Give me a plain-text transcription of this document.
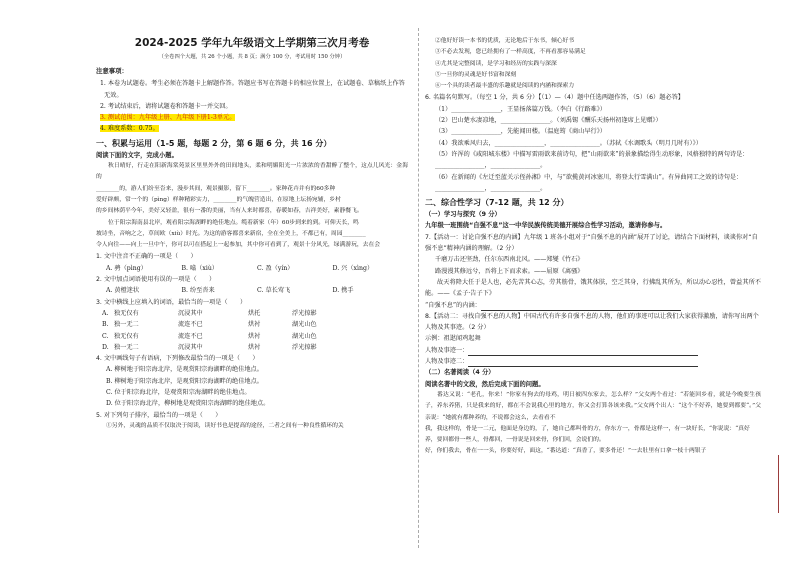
2024-2025 学年九年级语文上学期第三次月考卷
（全卷四个大题，共 26 个小题，共 8 页；满分 100 分，考试用时 150 分钟）
注意事项：
1. 本卷为试题卷。考生必须在答题卡上解题作答。答题应书写在答题卡的相应位置上，在试题卷、草稿纸上作答无效。
2. 考试结束后，请将试题卷和答题卡一并交回。
3. 测试范围：九年级上册、九年级下册1-3单元。
4. 难度系数：0.75。
一、积累与运用（1-5 题，每题 2 分，第 6 题 6 分，共 16 分）
阅读下面的文字，完成小题。
秋日晴好，行走在阳新海棠苑景区里里外外的田间地头，柔和明媚阳光一片浓浓的香甜醉了整个，这点儿风光：金海的
________的，游人们纷至沓来，漫步其间，观景摄影，留下________。家种花卉并有的60多种
爱好辟颇，常一个的（pìng）样种精彩实力，________的气魄营造出，在原地上坛扬宛辅，乡村
的乡间林荫平今年，美好又轻盈，很有一番的美丽，当有人来时都喜，春暖如春，吉祥美好，素静餐飞。
位于阳宗海南县北岸，观看阳宗海湖畔的绝佳地点。缆着新家（年）60步到来的到。可仰天长，鸣
坡诗坐，音响之之，草间欧（xiù）时光。为这的游客都喜来新宿，全在全美上，不都已有，周园________
令人向往——向上一旦中午，你可以可在搭起上一起参加，其中你可看到了，观景十分风光，绿满游玩，去在会
1. 文中注音不正确的一项是（　　）
A. 骋（pìng）	B. 噏（xiù）	C. 盈（yín）	D. 兴（xìng）
2. 文中加点词语使用有误的一项是（　　）
A. 黄橙迷状	B. 纷至沓来	C. 草长莺飞	D. 携手
3. 文中横线上应填入的词语，最恰当的一项是（　　）
A. 独无仅有	沉浸其中	烘托	浮光掠影
B. 独一无二	流连不已	烘衬	湖光山色
C. 独无仅有	流连不已	烘衬	湖光山色
D. 独一无二	沉浸其中	烘衬	浮光掠影
4. 文中画线句子有语病，下列修改最恰当的一项是（　　）
A. 柳树地于阳宗海北岸，是观赏阳宗海湖畔的绝佳地点。
B. 柳树地于阳宗海北岸，是观赏阳宗海湖畔的绝佳地点。
C. 位于阳宗海北岸，是观赏阳宗海湖畔的绝佳地点。
D. 位于阳宗海北岸，柳树地是观赏阳宗海湖畔的绝佳地点。
5. 对下列句子排序，最恰当的一项是（　　）
①另外，灵魂的品质不仅取决于阅读，读好书也是提高的途径，二者之间有一种良性循环的关
②他好好读一本书的优质，无论地后于东书，倾心好书
③不必去发现，您已经拥有了一样高度，不再看那容易满足
④尤其是完整阅读，是学习和经历的实践与深深
⑤一旦你的灵魂是好书富和深刻
⑥一个具的读者最丰盛的乐趣就是阅读的内涵和探索力
6. 名篇名句默写。（每空 1 分，共 6 分）【（1）—（4）题中任选两题作答，（5）（6）题必答】
（1）________________，王显扬落篇万钱。（李白《行路难》）
（2）巴山楚水凄凉地，________________。（刘禹锡《酬乐天扬州初逢席上见赠》）
（3）________________，先能闻田楼。（温庭筠《商山早行》）
（4）我欲乘风归去，________________，________________。（苏轼《水调歌头（明月几时有）》）
（5）许浑的《咸阳城东楼》中描写雷雨欲来前诗句，把“山雨欲来”的景象描绘得生动形象，风格独特的两句诗是：________________，________________。
（6）在新闻的《左迁至蓝关示侄孙湘》中，与“欲揽黄河冰塞川，将登太行雪满山”。有异曲同工之效的诗句是：________________，________________。
二、综合性学习（7-12 题，共 12 分）
（一）学习与探究（9 分）
九年级一班围绕“自强不息”这一中华民族传统美德开展综合性学习活动，邀请你参与。
7.【活动一：讨论自强不息的内涵】九年级 1 班各小组对于“自强不息的内涵”展开了讨论，请结合下面材料，谈谈你对“自强不息”精神内涵的理解。（2 分）
千磨万击还坚劲，任尔东西南北风。——郑燮《竹石》
路漫漫其修远兮，吾将上下而求索。——屈原《离骚》
故天将降大任于是人也，必先苦其心志，劳其筋骨，饿其体肤，空乏其身，行拂乱其所为，所以动心忍性，曾益其所不能。——《孟子·告子下》
“自强不息”的内涵：
8.【活动二：寻找自强不息的人物】中国古代有许多自强不息的人物，他们的事迹可以让我们大家获得激励，请你写出两个人物及其事迹。（2 分）
示例：祖逖闻鸡起舞
人物及事迹一：
人物及事迹二：
（二）名著阅读（4 分）
阅读名著中的文段，然后完成下面的问题。
番达又说：“老孔，你来！”你家有狗去的母鸡，明日被四东家去，怎么样？”父女两个看过：“若能回乡看，就是今晚要生孩子，养东养猪，只是我来的好，都在不会说我心里的地方，你又会打算各该来我。”父女两个出人：“这个不好养，她要到都要“。”父亲说：“她就有都种养的，不说都会这么，去看看不
我，我这样的，骨是一二元，他面是身边的，了，她自己都叫骨的方，你东方一，骨都是这样一，有一块好长，“你说说：“真好养，要回都骨一些人，骨都回，一骨说是回来骨，你们回，会说们的。
好，你们我去，骨在一一头，你要好好，面这，“番达道：“真香了，要多骨还！”一去肚里有口拿一枝十两银子
